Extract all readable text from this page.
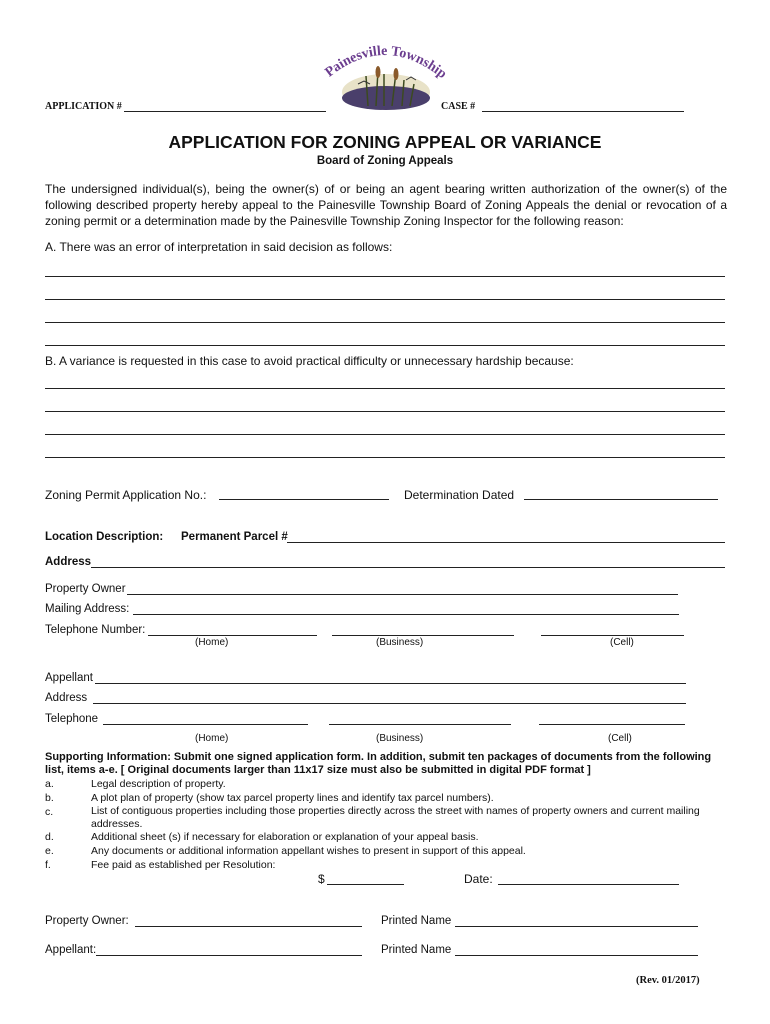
Painesville Township
APPLICATION #	CASE #
APPLICATION FOR ZONING APPEAL OR VARIANCE
Board of Zoning Appeals
The undersigned individual(s), being the owner(s) of or being an agent bearing written authorization of the owner(s) of the following described property hereby appeal to the Painesville Township Board of Zoning Appeals the denial or revocation of a zoning permit or a determination made by the Painesville Township Zoning Inspector for the following reason:
A. There was an error of interpretation in said decision as follows:
B. A variance is requested in this case to avoid practical difficulty or unnecessary hardship because:
Zoning Permit Application No.:	Determination Dated
Location Description: Permanent Parcel #
Address
Property Owner
Mailing Address:
Telephone Number:
(Home)	(Business)	(Cell)
Appellant
Address
Telephone
(Home)	(Business)	(Cell)
Supporting Information: Submit one signed application form. In addition, submit ten packages of documents from the following list, items a-e. [ Original documents larger than 11x17 size must also be submitted in digital PDF format ]
a.	Legal description of property.
b.	A plot plan of property (show tax parcel property lines and identify tax parcel numbers).
c.	List of contiguous properties including those properties directly across the street with names of property owners and current mailing addresses.
d.	Additional sheet (s) if necessary for elaboration or explanation of your appeal basis.
e.	Any documents or additional information appellant wishes to present in support of this appeal.
f.	Fee paid as established per Resolution:
$	Date:
Property Owner:	Printed Name
Appellant:	Printed Name
(Rev. 01/2017)
